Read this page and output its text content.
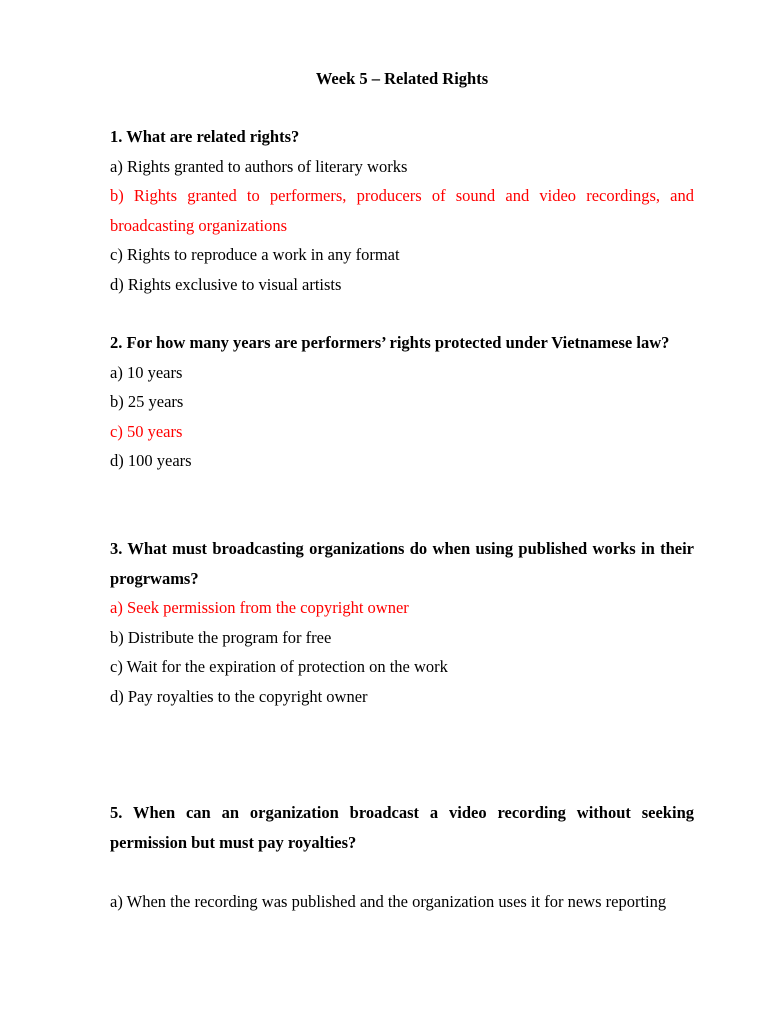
Week 5 – Related Rights

1. What are related rights?

a) Rights granted to authors of literary works

b) Rights granted to performers, producers of sound and video recordings, and broadcasting organizations

c) Rights to reproduce a work in any format

d) Rights exclusive to visual artists

2. For how many years are performers’ rights protected under Vietnamese law?

a) 10 years

b) 25 years

c) 50 years

d) 100 years

3. What must broadcasting organizations do when using published works in their progrwams?

a) Seek permission from the copyright owner

b) Distribute the program for free

c) Wait for the expiration of protection on the work

d) Pay royalties to the copyright owner

5. When can an organization broadcast a video recording without seeking permission but must pay royalties?

a) When the recording was published and the organization uses it for news reporting
